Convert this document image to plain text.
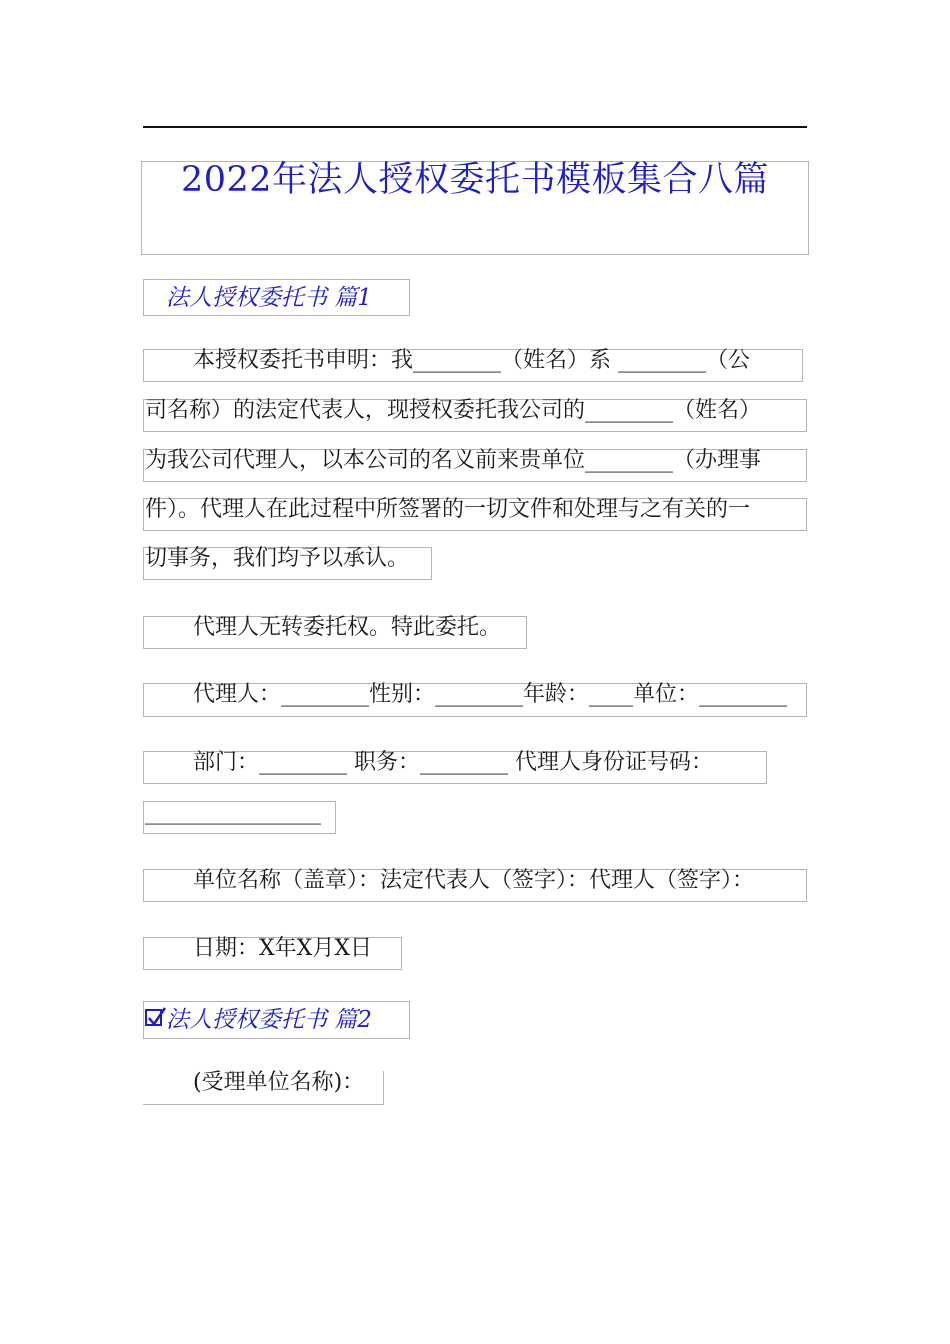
2022年法人授权委托书模板集合八篇
法人授权委托书 篇1
本授权委托书申明：我________（姓名）系 ________（公
司名称）的法定代表人，现授权委托我公司的________（姓名）
为我公司代理人，以本公司的名义前来贵单位________（办理事
件）。代理人在此过程中所签署的一切文件和处理与之有关的一
切事务，我们均予以承认。
代理人无转委托权。特此委托。
代理人：________性别：________年龄：____单位：________
部门：________ 职务：________ 代理人身份证号码：
________________
单位名称（盖章）：法定代表人（签字）：代理人（签字）：
日期：X年X月X日
法人授权委托书 篇2
(受理单位名称)：
